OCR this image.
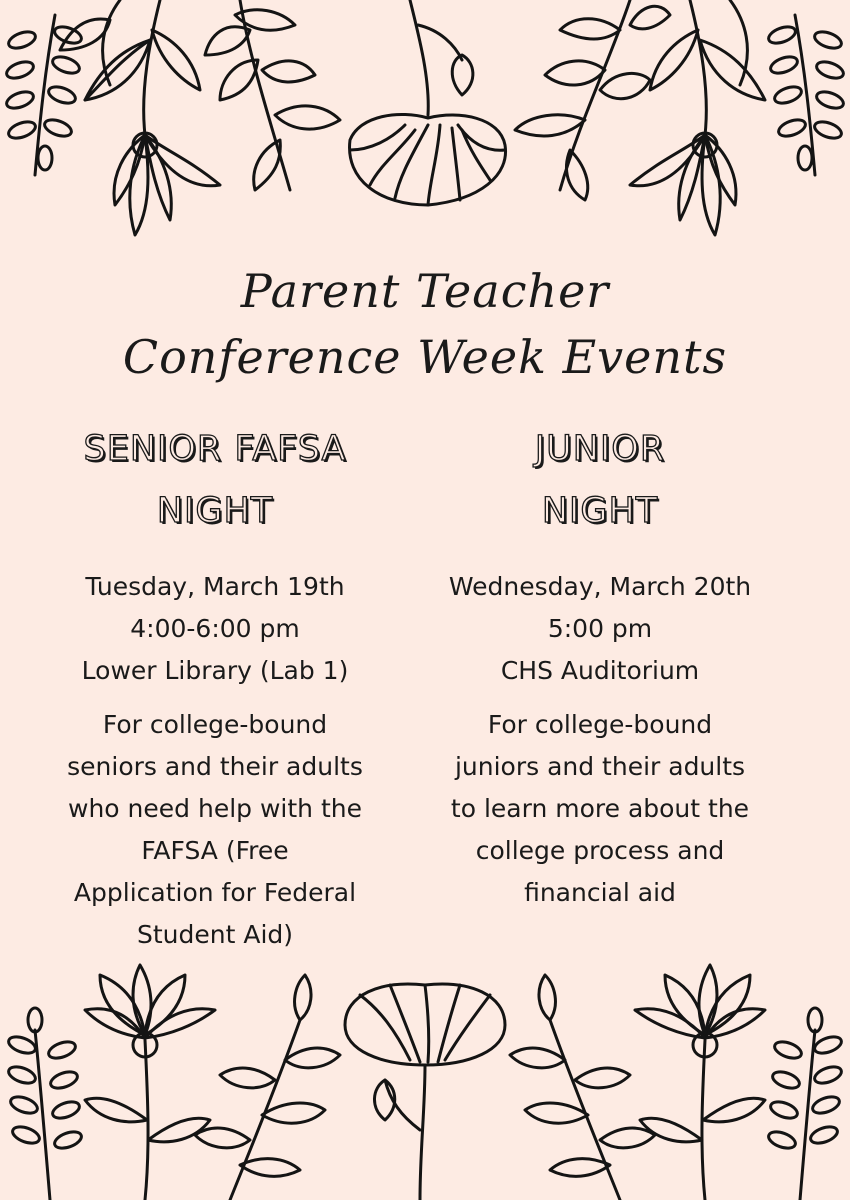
Parent Teacher
Conference Week Events
SENIOR FAFSA
NIGHT
Tuesday, March 19th
4:00-6:00 pm
Lower Library (Lab 1)
For college-bound
seniors and their adults
who need help with the
FAFSA (Free
Application for Federal
Student Aid)
JUNIOR
NIGHT
Wednesday, March 20th
5:00 pm
CHS Auditorium
For college-bound
juniors and their adults
to learn more about the
college process and
financial aid
